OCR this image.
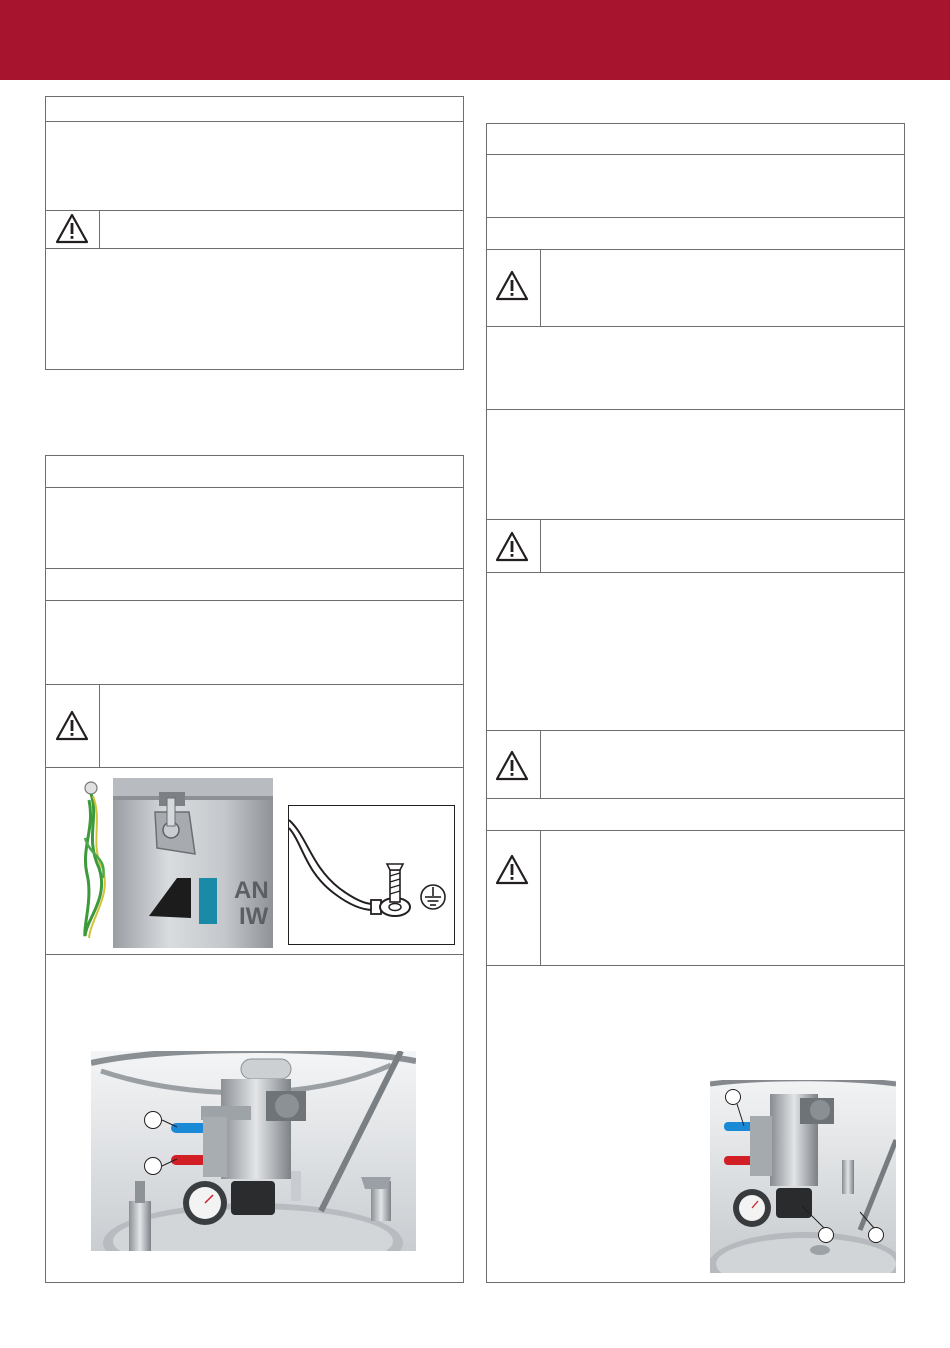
AN
IW
